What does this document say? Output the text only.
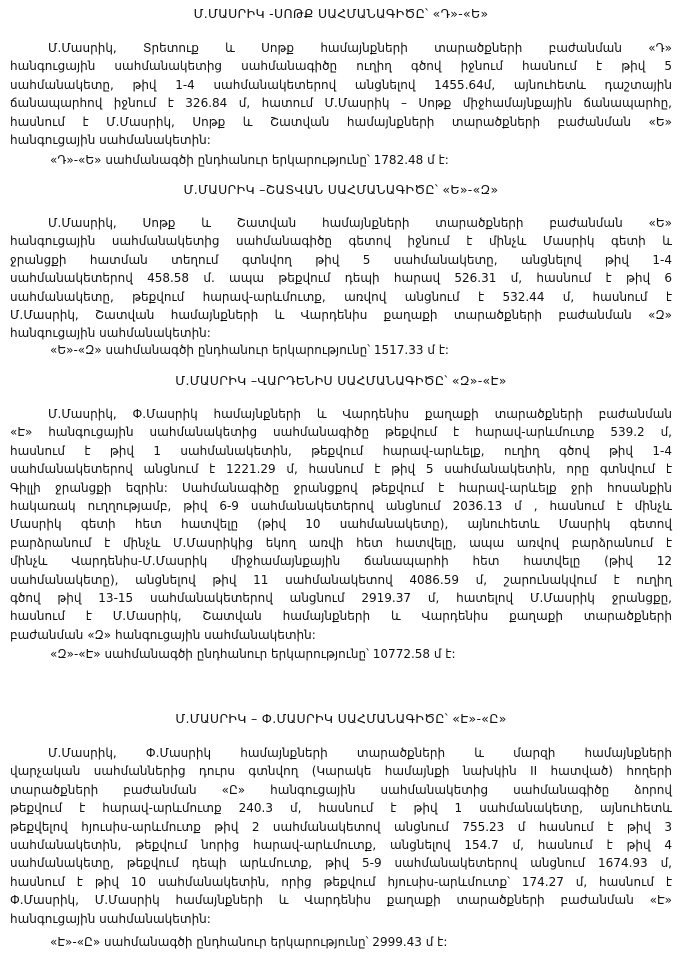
Մ.ՄԱՍՐԻԿ -ՍՈԹՔ ՍԱՀՄԱՆԱԳԻԾԸ՝ «Դ»-«Ե»
Մ.Մասրիկ, Տրետուք և Սոթք համայնքների տարածքների բաժանման «Դ»
հանգուցային սահմանակետից սահմանագիծը ուղիղ գծով իջնում հասնում է թիվ 5
սահմանակետը, թիվ 1-4 սահմանակետերով անցնելով 1455.64մ, այնուհետև դաշտային
ճանապարհով իջնում է 326.84 մ, հատում Մ.Մասրիկ – Սոթք միջհամայնքային ճանապարհը,
հասնում է Մ.Մասրիկ, Սոթք և Շատվան համայնքների տարածքների բաժանման «Ե»
հանգուցային սահմանակետին:
«Դ»-«Ե» սահմանագծի ընդհանուր երկարությունը՝ 1782.48 մ է:
Մ.ՄԱՍՐԻԿ –ՇԱՏՎԱՆ ՍԱՀՄԱՆԱԳԻԾԸ՝ «Ե»-«Զ»
Մ.Մասրիկ, Սոթք և Շատվան համայնքների տարածքների բաժանման «Ե»
հանգուցային սահմանակետից սահմանագիծը գետով իջնում է մինչև Մասրիկ գետի և
ջրանցքի հատման տեղում գտնվող թիվ 5 սահմանակետը, անցնելով թիվ 1-4
սահմանակետերով 458.58 մ. ապա թեքվում դեպի հարավ 526.31 մ, հասնում է թիվ 6
սահմանակետը, թեքվում հարավ-արևմուտք, առվով անցնում է 532.44 մ, հասնում է
Մ.Մասրիկ, Շատվան համայնքների և Վարդենիս քաղաքի տարածքների բաժանման «Զ»
հանգուցային սահմանակետին:
«Ե»-«Զ» սահմանագծի ընդհանուր երկարությունը՝ 1517.33 մ է:
Մ.ՄԱՍՐԻԿ –ՎԱՐԴԵՆԻՍ ՍԱՀՄԱՆԱԳԻԾԸ՝ «Զ»-«Է»
Մ.Մասրիկ, Փ.Մասրիկ համայնքների և Վարդենիս քաղաքի տարածքների բաժանման
«Է» հանգուցային սահմանակետից սահմանագիծը թեքվում է հարավ-արևմուտք 539.2 մ,
հասնում է թիվ 1 սահմանակետին, թեքվում հարավ-արևելք, ուղիղ գծով թիվ 1-4
սահմանակետերով անցնում է 1221.29 մ, հասնում է թիվ 5 սահմանակետին, որը գտնվում է
Գիլլի ջրանցքի եզրին: Սահմանագիծը ջրանցքով թեքվում է հարավ-արևելք ջրի հոսանքին
հակառակ ուղղությամբ, թիվ 6-9 սահմանակետերով անցնում 2036.13 մ , հասնում է մինչև
Մասրիկ գետի հետ հատվելը (թիվ 10 սահմանակետը), այնուհետև Մասրիկ գետով
բարձրանում է մինչև Մ.Մասրիկից եկող առվի հետ հատվելը, ապա առվով բարձրանում է
մինչև Վարդենիս-Մ.Մասրիկ միջհամայնքային ճանապարհի հետ հատվելը (թիվ 12
սահմանակետը), անցնելով թիվ 11 սահմանակետով 4086.59 մ, շարունակվում է ուղիղ
գծով թիվ 13-15 սահմանակետերով անցնում 2919.37 մ, հատելով Մ.Մասրիկ ջրանցքը,
հասնում է Մ.Մասրիկ, Շատվան համայնքների և Վարդենիս քաղաքի տարածքների
բաժանման «Զ» հանգուցային սահմանակետին:
«Զ»-«Է» սահմանագծի ընդհանուր երկարությունը՝ 10772.58 մ է:
Մ.ՄԱՍՐԻԿ – Փ.ՄԱՍՐԻԿ ՍԱՀՄԱՆԱԳԻԾԸ՝ «Է»-«Ը»
Մ.Մասրիկ, Փ.Մասրիկ համայնքների տարածքների և մարզի համայնքների
վարչական սահմաններից դուրս գտնվող (Կարակե համայնքի նախկին II հատված) հողերի
տարածքների բաժանման «Ը» հանգուցային սահմանակետից սահմանագիծը ձորով
թեքվում է հարավ-արևմուտք 240.3 մ, հասնում է թիվ 1 սահմանակետը, այնուհետև
թեքվելով հյուսիս-արևմուտք թիվ 2 սահմանակետով անցնում 755.23 մ հասնում է թիվ 3
սահմանակետին, թեքվում նորից հարավ-արևմուտք, անցնելով 154.7 մ, հասնում է թիվ 4
սահմանակետը, թեքվում դեպի արևմուտք, թիվ 5-9 սահմանակետերով անցնում 1674.93 մ,
հասնում է թիվ 10 սահմանակետին, որից թեքվում հյուսիս-արևմուտք՝ 174.27 մ, հասնում է
Փ.Մասրիկ, Մ.Մասրիկ համայնքների և Վարդենիս քաղաքի տարածքների բաժանման «Է»
հանգուցային սահմանակետին:
«Է»-«Ը» սահմանագծի ընդհանուր երկարությունը՝ 2999.43 մ է:
